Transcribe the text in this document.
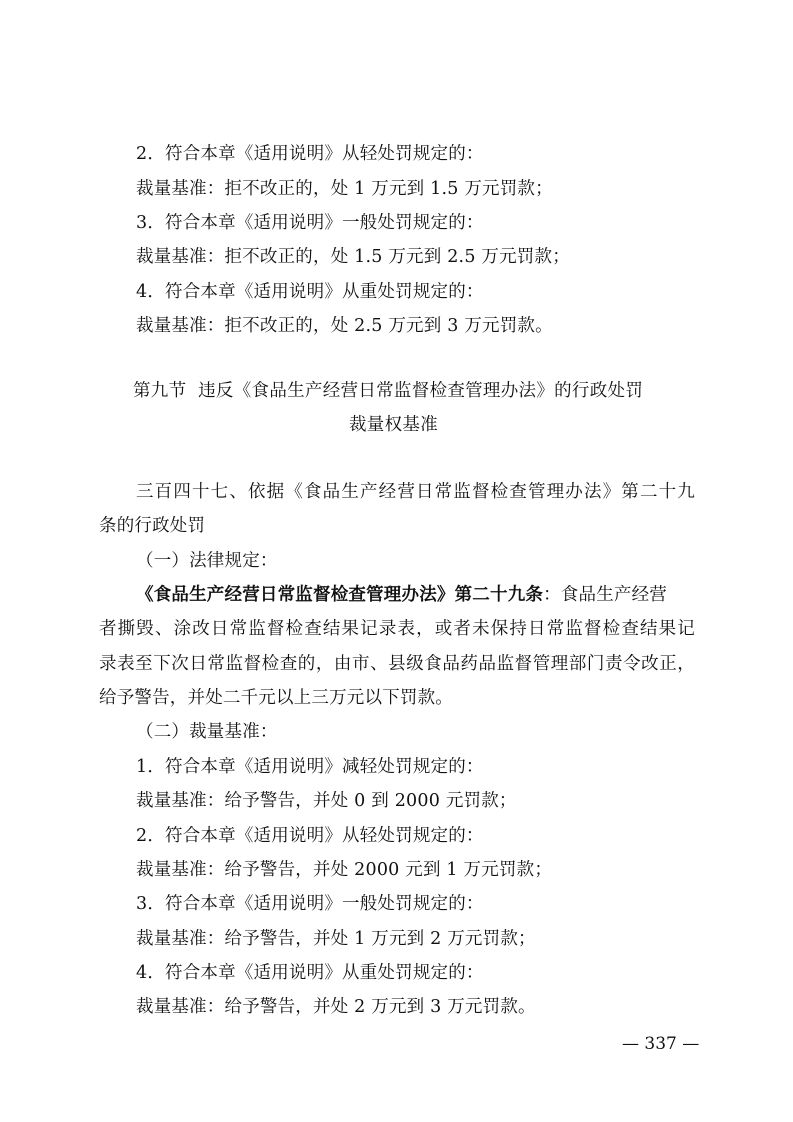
2．符合本章《适用说明》从轻处罚规定的：
裁量基准：拒不改正的，处 1 万元到 1.5 万元罚款；
3．符合本章《适用说明》一般处罚规定的：
裁量基准：拒不改正的，处 1.5 万元到 2.5 万元罚款；
4．符合本章《适用说明》从重处罚规定的：
裁量基准：拒不改正的，处 2.5 万元到 3 万元罚款。
第九节  违反《食品生产经营日常监督检查管理办法》的行政处罚
裁量权基准
三百四十七、依据《食品生产经营日常监督检查管理办法》第二十九
条的行政处罚
（一）法律规定：
《食品生产经营日常监督检查管理办法》第二十九条：食品生产经营
者撕毁、涂改日常监督检查结果记录表，或者未保持日常监督检查结果记
录表至下次日常监督检查的，由市、县级食品药品监督管理部门责令改正，
给予警告，并处二千元以上三万元以下罚款。
（二）裁量基准：
1．符合本章《适用说明》减轻处罚规定的：
裁量基准：给予警告，并处 0 到 2000 元罚款；
2．符合本章《适用说明》从轻处罚规定的：
裁量基准：给予警告，并处 2000 元到 1 万元罚款；
3．符合本章《适用说明》一般处罚规定的：
裁量基准：给予警告，并处 1 万元到 2 万元罚款；
4．符合本章《适用说明》从重处罚规定的：
裁量基准：给予警告，并处 2 万元到 3 万元罚款。
— 337 —
